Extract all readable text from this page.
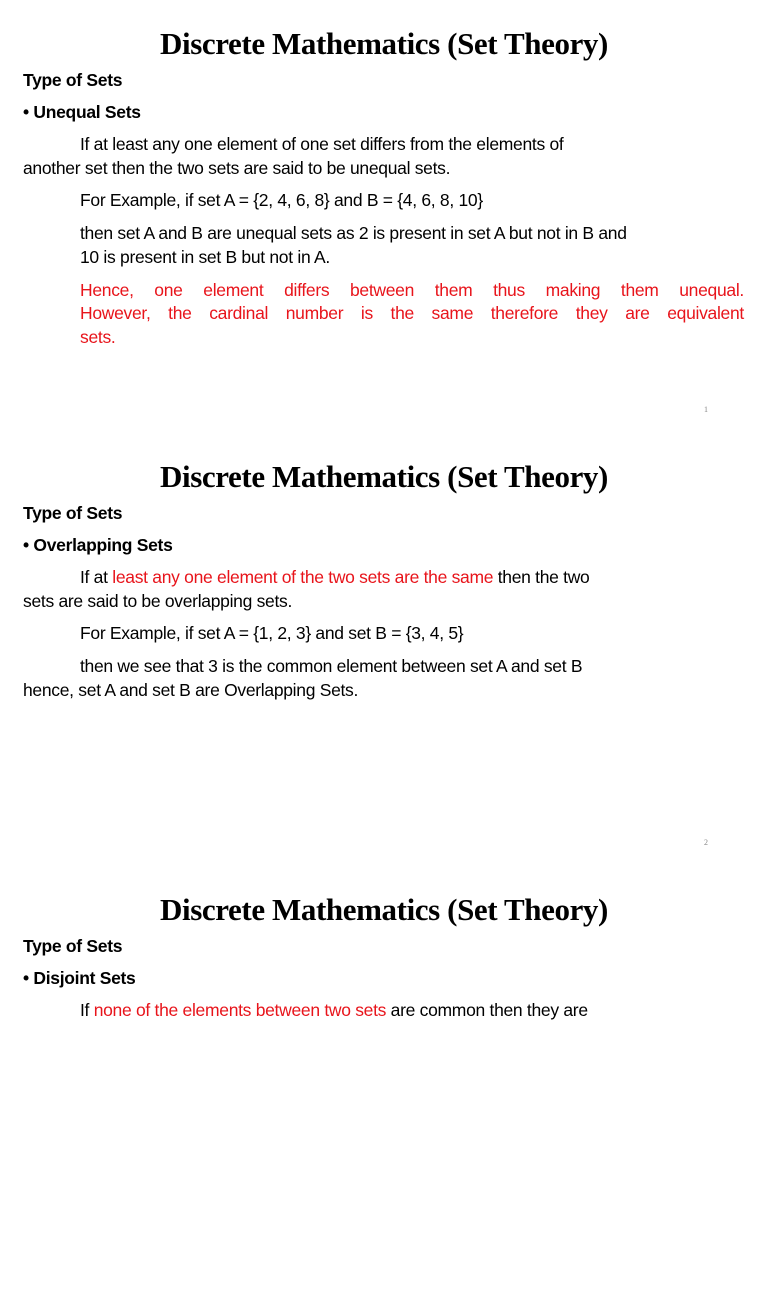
Discrete Mathematics (Set Theory)
Type of Sets
• Unequal Sets
If at least any one element of one set differs from the elements of
another set then the two sets are said to be unequal sets.
For Example, if set A = {2, 4, 6, 8} and B = {4, 6, 8, 10}
then set A and B are unequal sets as 2 is present in set A but not in B and
10 is present in set B but not in A.
Hence, one element differs between them thus making them unequal.
However, the cardinal number is the same therefore they are equivalent
sets.
1
Discrete Mathematics (Set Theory)
Type of Sets
• Overlapping Sets
If at least any one element of the two sets are the same then the two
sets are said to be overlapping sets.
For Example, if set A = {1, 2, 3} and set B = {3, 4, 5}
then we see that 3 is the common element between set A and set B
hence, set A and set B are Overlapping Sets.
2
Discrete Mathematics (Set Theory)
Type of Sets
• Disjoint Sets
If none of the elements between two sets are common then they are
